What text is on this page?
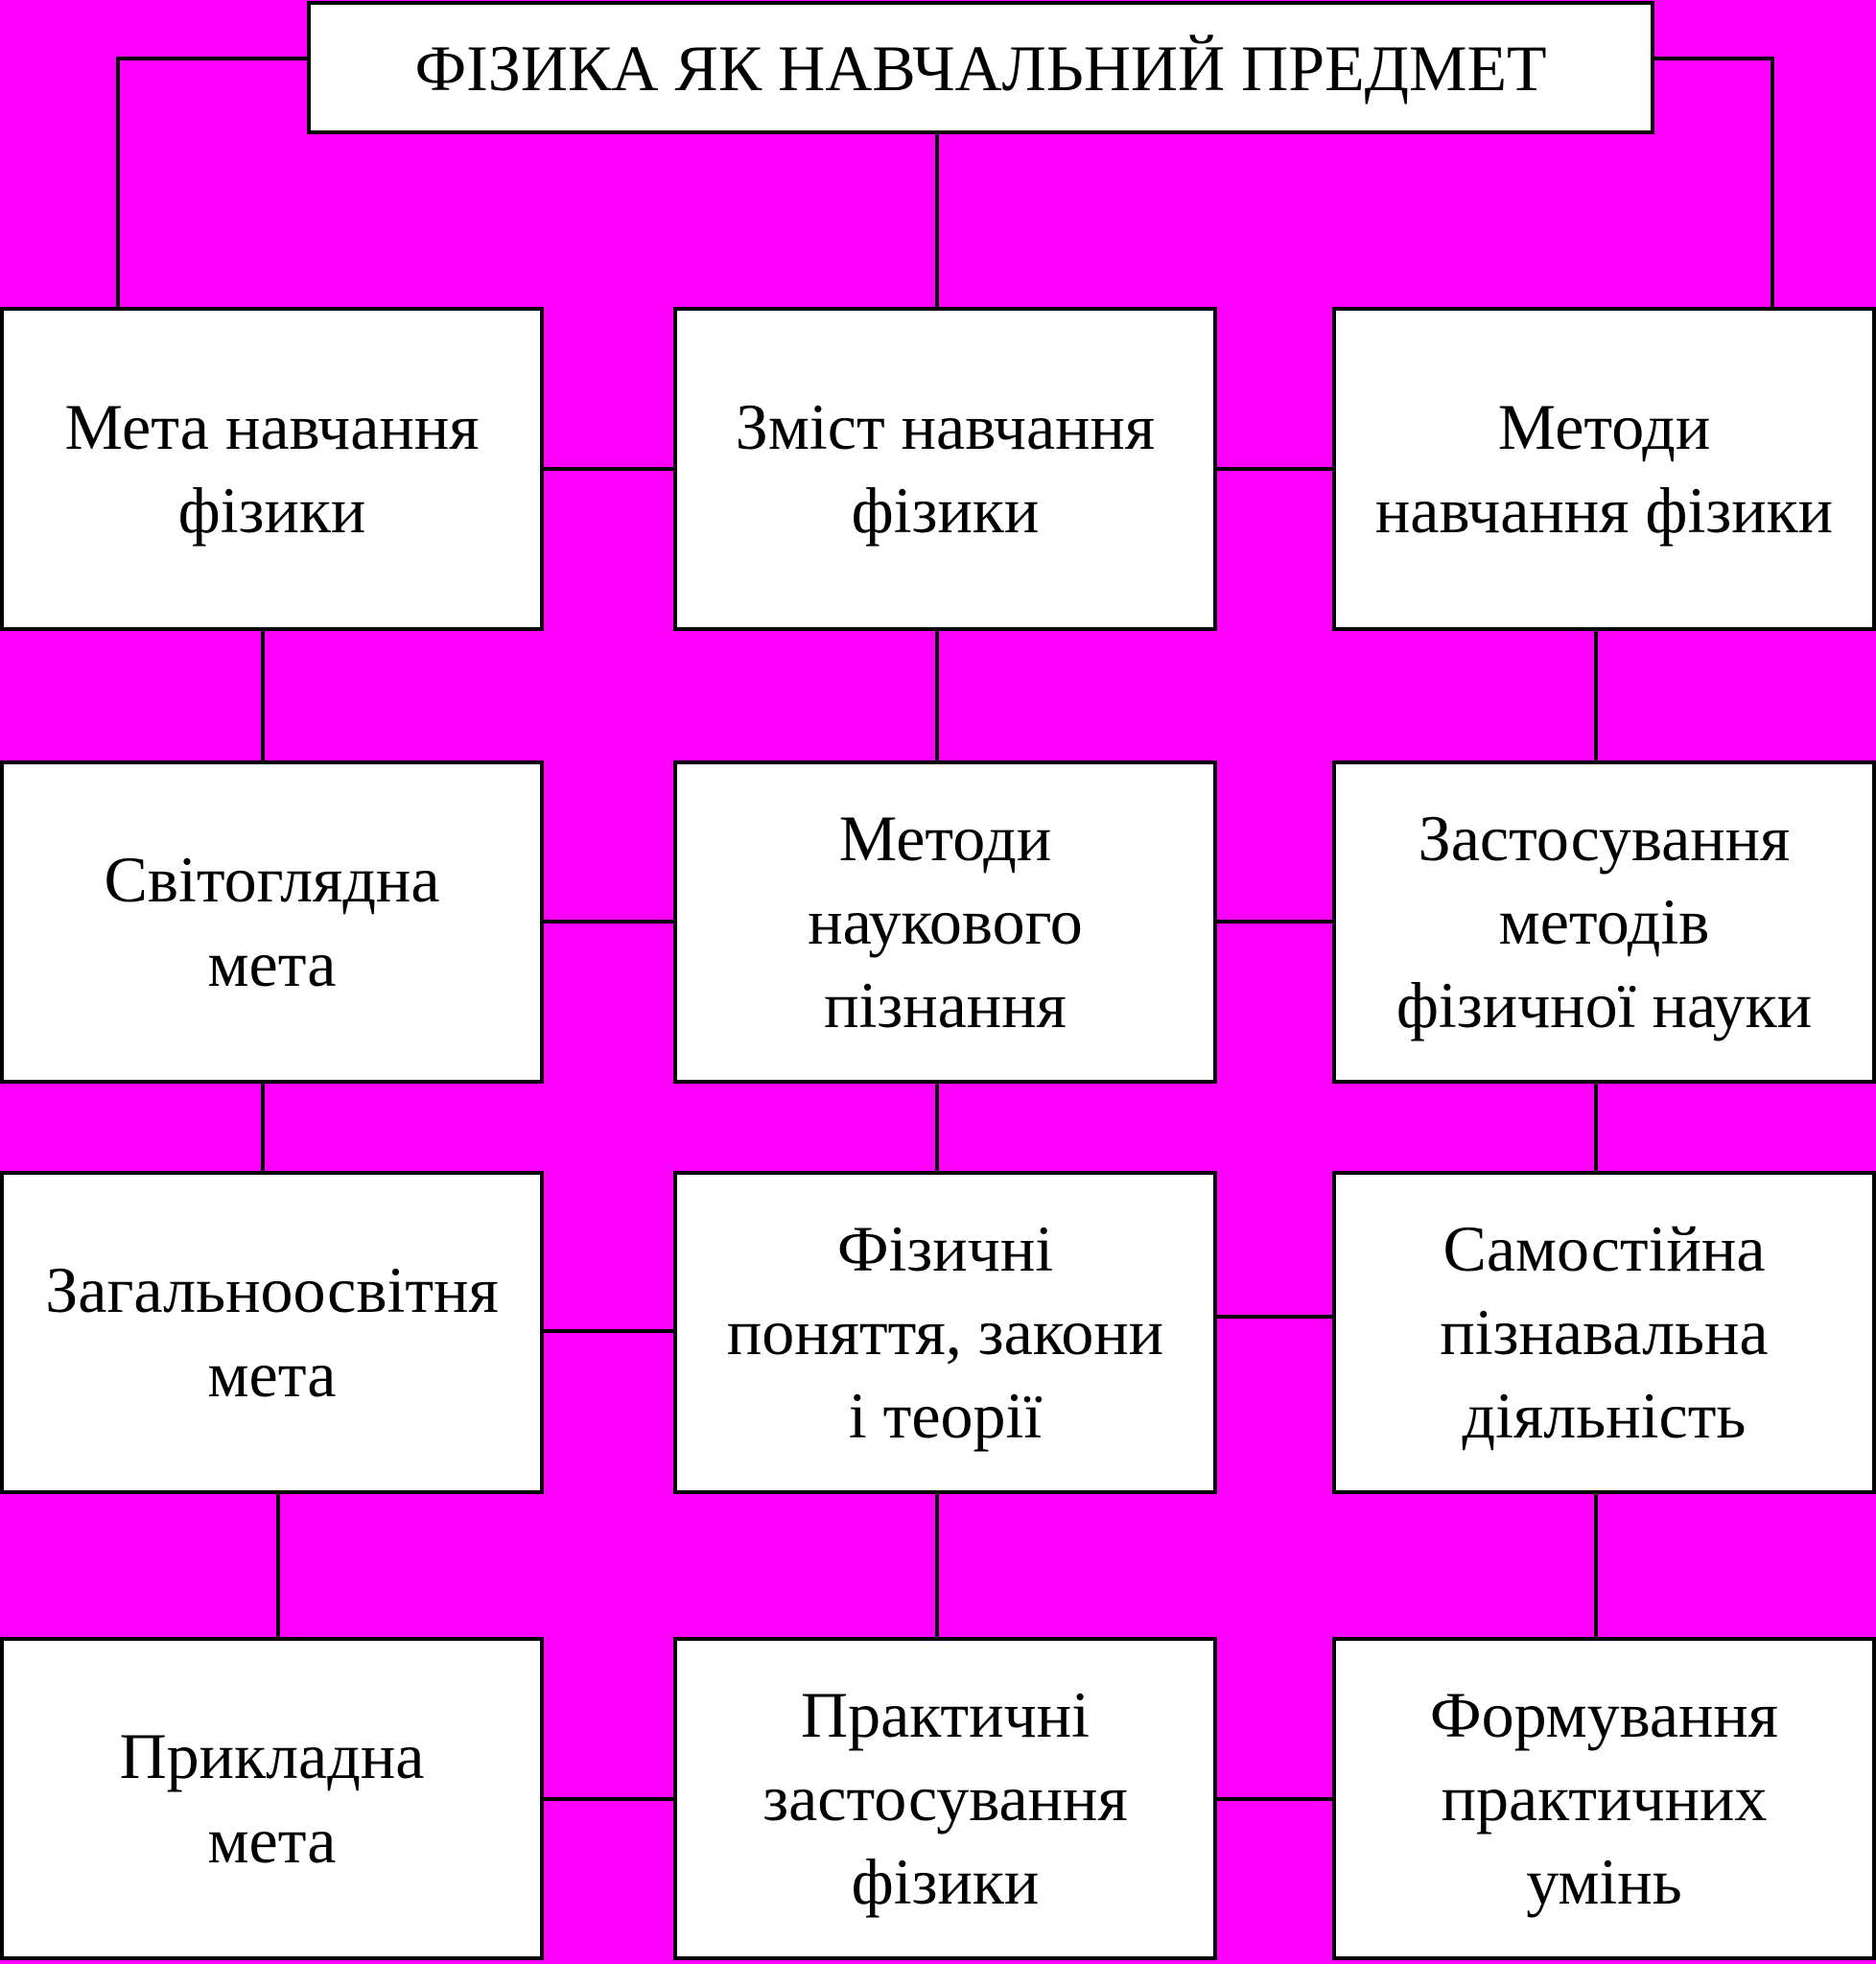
ФІЗИКА ЯК НАВЧАЛЬНИЙ ПРЕДМЕТ
Мета навчання
фізики
Світоглядна
мета
Загальноосвітня
мета
Прикладна
мета
Зміст навчання
фізики
Методи
наукового
пізнання
Фізичні
поняття, закони
і теорії
Практичні
застосування
фізики
Методи
навчання фізики
Застосування
методів
фізичної науки
Самостійна
пізнавальна
діяльність
Формування
практичних
умінь
